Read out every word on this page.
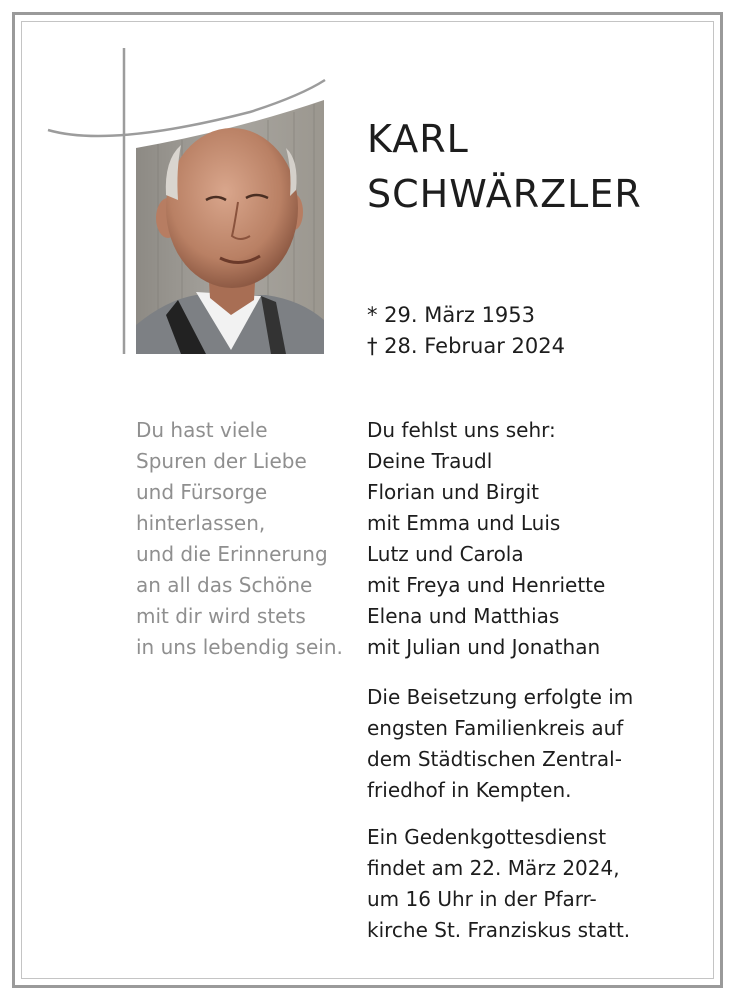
KARL
SCHWÄRZLER
* 29. März 1953
† 28. Februar 2024
Du hast viele
Spuren der Liebe
und Fürsorge
hinterlassen,
und die Erinnerung
an all das Schöne
mit dir wird stets
in uns lebendig sein.
Du fehlst uns sehr:
Deine Traudl
Florian und Birgit
mit Emma und Luis
Lutz und Carola
mit Freya und Henriette
Elena und Matthias
mit Julian und Jonathan
Die Beisetzung erfolgte im
engsten Familienkreis auf
dem Städtischen Zentral-
friedhof in Kempten.
Ein Gedenkgottesdienst
findet am 22. März 2024,
um 16 Uhr in der Pfarr-
kirche St. Franziskus statt.
